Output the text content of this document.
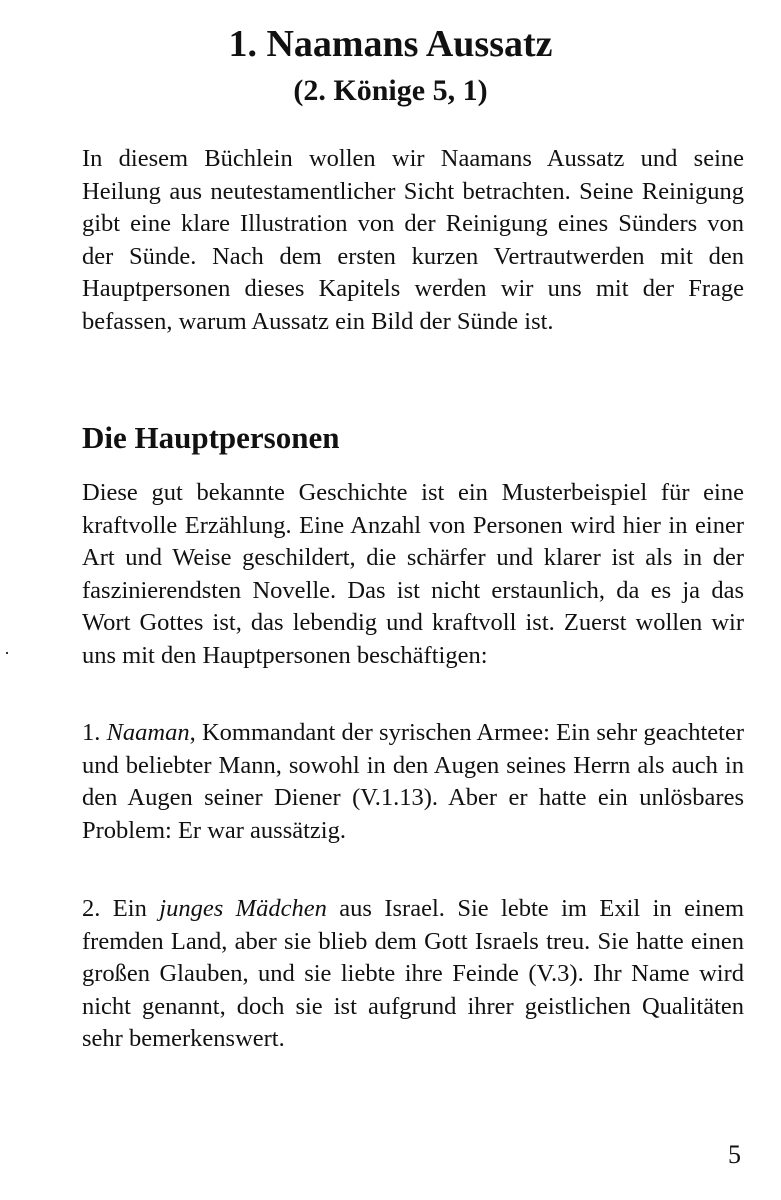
1. Naamans Aussatz
(2. Könige 5, 1)

In diesem Büchlein wollen wir Naamans Aussatz und seine Heilung aus neutestamentlicher Sicht betrachten. Seine Reinigung gibt eine klare Illustration von der Reinigung eines Sünders von der Sünde. Nach dem ersten kurzen Vertrautwerden mit den Hauptpersonen dieses Kapitels werden wir uns mit der Frage befassen, warum Aussatz ein Bild der Sünde ist.

Die Hauptpersonen

Diese gut bekannte Geschichte ist ein Musterbeispiel für eine kraftvolle Erzählung. Eine Anzahl von Personen wird hier in einer Art und Weise geschildert, die schärfer und klarer ist als in der faszinierendsten Novelle. Das ist nicht erstaunlich, da es ja das Wort Gottes ist, das lebendig und kraftvoll ist. Zuerst wollen wir uns mit den Hauptpersonen beschäftigen:

1. Naaman, Kommandant der syrischen Armee: Ein sehr geachteter und beliebter Mann, sowohl in den Augen seines Herrn als auch in den Augen seiner Diener (V.1.13). Aber er hatte ein unlösbares Problem: Er war aussätzig.

2. Ein junges Mädchen aus Israel. Sie lebte im Exil in einem fremden Land, aber sie blieb dem Gott Israels treu. Sie hatte einen großen Glauben, und sie liebte ihre Feinde (V.3). Ihr Name wird nicht genannt, doch sie ist aufgrund ihrer geistlichen Qualitäten sehr bemerkenswert.

5
